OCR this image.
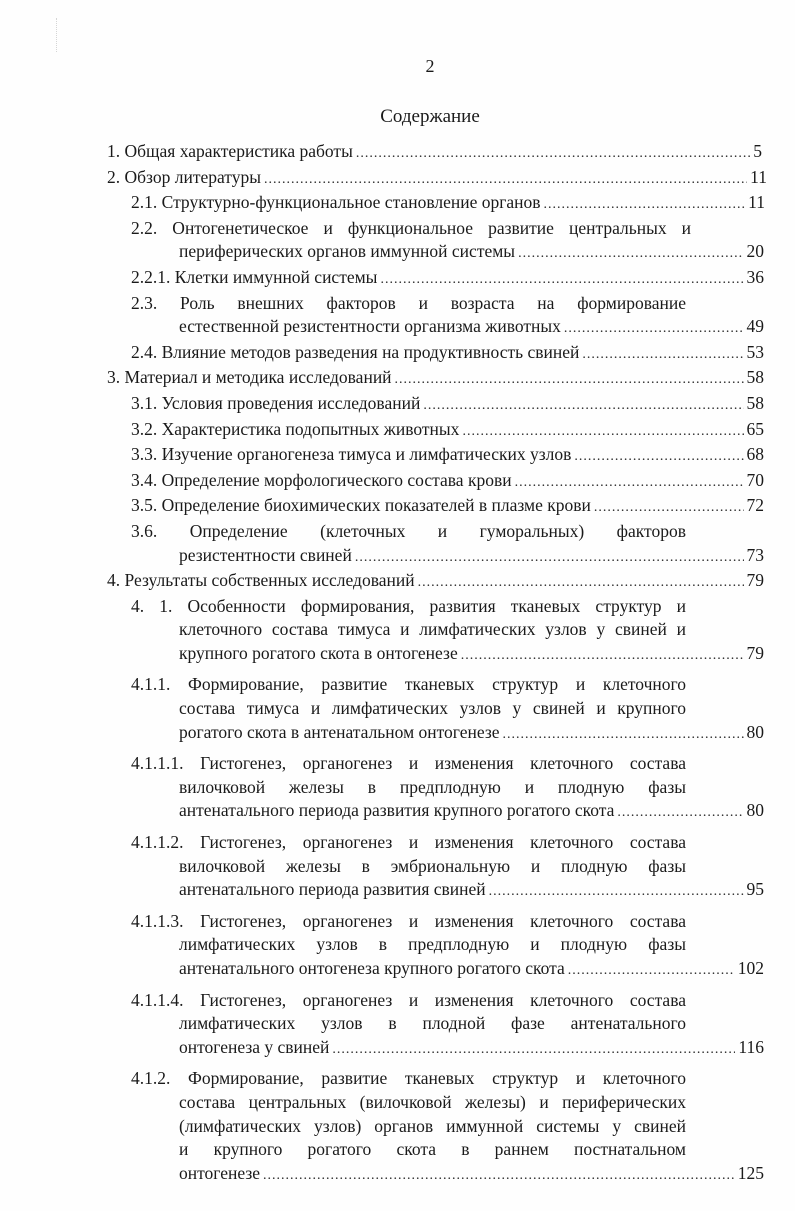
2
Содержание
1. Общая характеристика работы .....	5
2. Обзор литературы .....	11
2.1. Структурно-функциональное становление органов .....	11
2.2. Онтогенетическое и функциональное развитие центральных и
периферических органов иммунной системы .....	20
2.2.1. Клетки иммунной системы .....	36
2.3. Роль внешних факторов и возраста на формирование
естественной резистентности организма животных .....	49
2.4. Влияние методов разведения на продуктивность свиней .....	53
3. Материал и методика исследований .....	58
3.1. Условия проведения исследований .....	58
3.2. Характеристика подопытных животных .....	65
3.3. Изучение органогенеза тимуса и лимфатических узлов .....	68
3.4. Определение морфологического состава крови .....	70
3.5. Определение биохимических показателей в плазме крови .....	72
3.6. Определение (клеточных и гуморальных) факторов
резистентности свиней .....	73
4. Результаты собственных исследований .....	79
4. 1. Особенности формирования, развития тканевых структур и
клеточного состава тимуса и лимфатических узлов у свиней и
крупного рогатого скота в онтогенезе .....	79
4.1.1. Формирование, развитие тканевых структур и клеточного
состава тимуса и лимфатических узлов у свиней и крупного
рогатого скота в антенатальном онтогенезе .....	80
4.1.1.1. Гистогенез, органогенез и изменения клеточного состава
вилочковой железы в предплодную и плодную фазы
антенатального периода развития крупного рогатого скота .....	80
4.1.1.2. Гистогенез, органогенез и изменения клеточного состава
вилочковой железы в эмбриональную и плодную фазы
антенатального периода развития свиней .....	95
4.1.1.3. Гистогенез, органогенез и изменения клеточного состава
лимфатических узлов в предплодную и плодную фазы
антенатального онтогенеза крупного рогатого скота .....	102
4.1.1.4. Гистогенез, органогенез и изменения клеточного состава
лимфатических узлов в плодной фазе антенатального
онтогенеза у свиней .....	116
4.1.2. Формирование, развитие тканевых структур и клеточного
состава центральных (вилочковой железы) и периферических
(лимфатических узлов) органов иммунной системы у свиней
и крупного рогатого скота в раннем постнатальном
онтогенезе .....	125
